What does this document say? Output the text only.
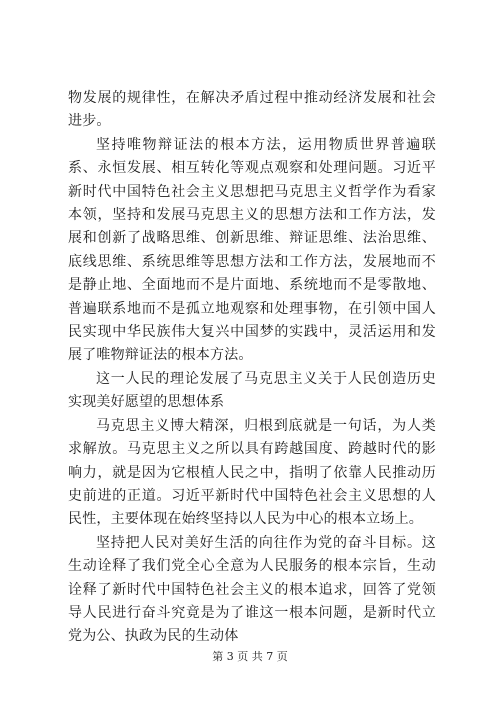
物发展的规律性，在解决矛盾过程中推动经济发展和社会进步。

坚持唯物辩证法的根本方法，运用物质世界普遍联系、永恒发展、相互转化等观点观察和处理问题。习近平新时代中国特色社会主义思想把马克思主义哲学作为看家本领，坚持和发展马克思主义的思想方法和工作方法，发展和创新了战略思维、创新思维、辩证思维、法治思维、底线思维、系统思维等思想方法和工作方法，发展地而不是静止地、全面地而不是片面地、系统地而不是零散地、普遍联系地而不是孤立地观察和处理事物，在引领中国人民实现中华民族伟大复兴中国梦的实践中，灵活运用和发展了唯物辩证法的根本方法。

这一人民的理论发展了马克思主义关于人民创造历史实现美好愿望的思想体系

马克思主义博大精深，归根到底就是一句话，为人类求解放。马克思主义之所以具有跨越国度、跨越时代的影响力，就是因为它根植人民之中，指明了依靠人民推动历史前进的正道。习近平新时代中国特色社会主义思想的人民性，主要体现在始终坚持以人民为中心的根本立场上。

坚持把人民对美好生活的向往作为党的奋斗目标。这生动诠释了我们党全心全意为人民服务的根本宗旨，生动诠释了新时代中国特色社会主义的根本追求，回答了党领导人民进行奋斗究竟是为了谁这一根本问题，是新时代立党为公、执政为民的生动体

第 3 页 共 7 页
